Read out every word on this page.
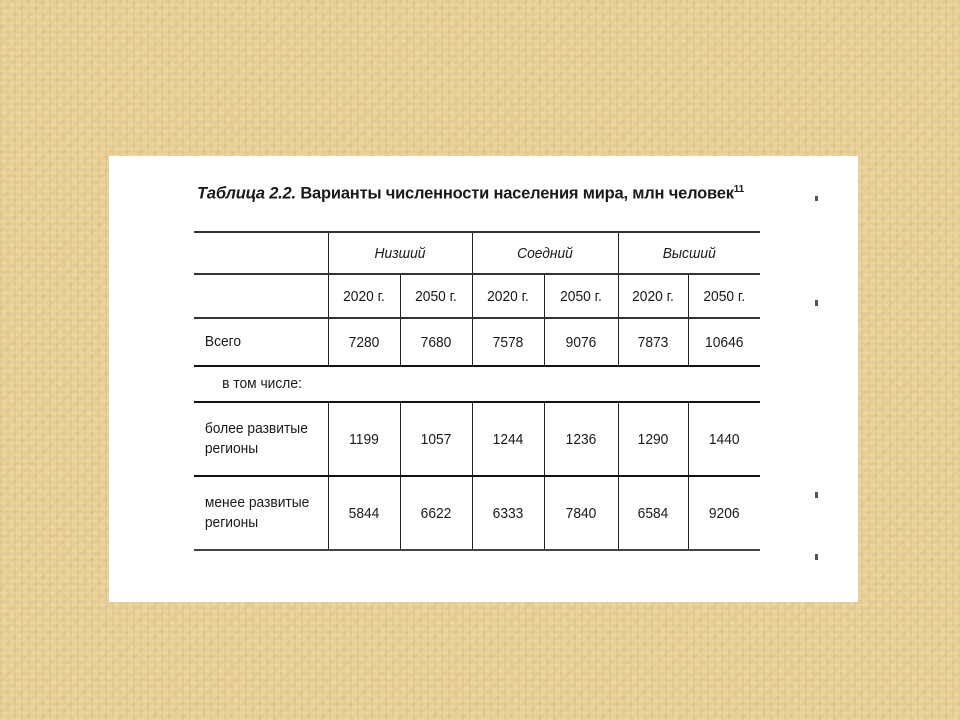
Таблица 2.2. Варианты численности населения мира, млн человек$^{11}$
	Низший		Соедний		Высший	
	2020 г.	2050 г.	2020 г.	2050 г.	2020 г.	2050 г.
Всего	7280	7680	7578	9076	7873	10646
в том числе:						
более развитые регионы	1199	1057	1244	1236	1290	1440
менее развитые регионы	5844	6622	6333	7840	6584	9206
